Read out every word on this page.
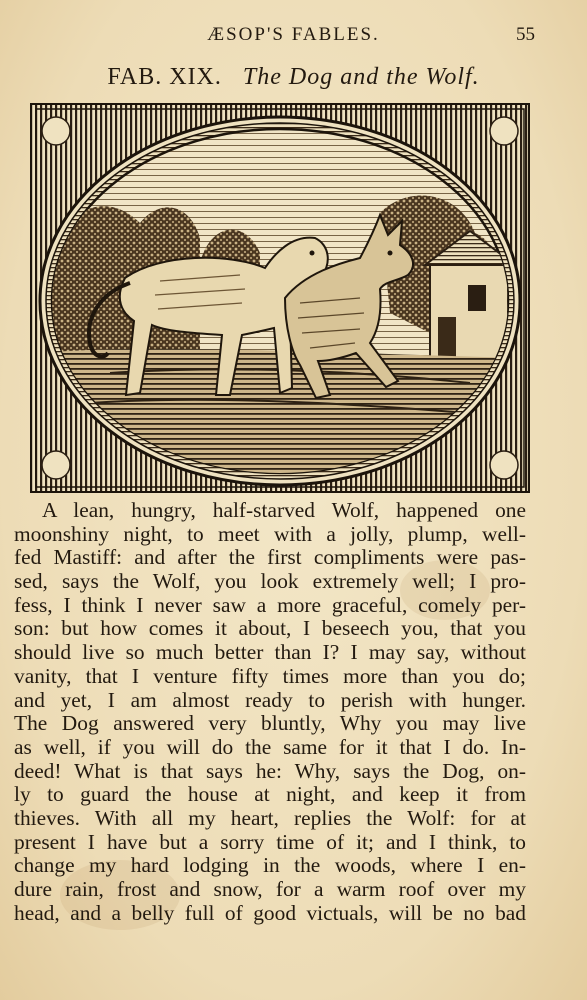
ÆSOP'S FABLES.	55
FAB. XIX. The Dog and the Wolf.
A lean, hungry, half-starved Wolf, happened one
moonshiny night, to meet with a jolly, plump, well-
fed Mastiff: and after the first compliments were pas-
sed, says the Wolf, you look extremely well; I pro-
fess, I think I never saw a more graceful, comely per-
son: but how comes it about, I beseech you, that you
should live so much better than I? I may say, without
vanity, that I venture fifty times more than you do;
and yet, I am almost ready to perish with hunger.
The Dog answered very bluntly, Why you may live
as well, if you will do the same for it that I do. In-
deed! What is that says he: Why, says the Dog, on-
ly to guard the house at night, and keep it from
thieves. With all my heart, replies the Wolf: for at
present I have but a sorry time of it; and I think, to
change my hard lodging in the woods, where I en-
dure rain, frost and snow, for a warm roof over my
head, and a belly full of good victuals, will be no bad
